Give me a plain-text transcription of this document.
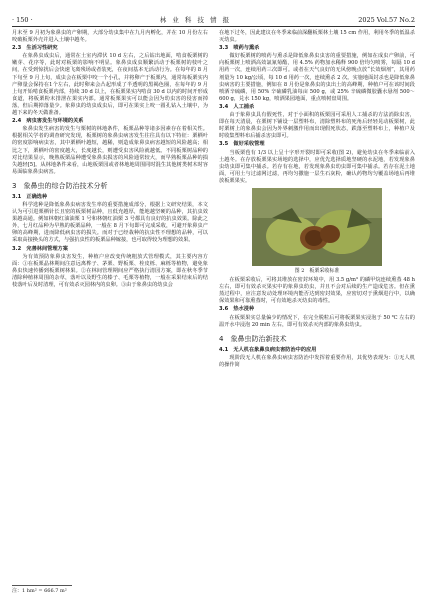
· 150 ·	林 业 科 技 情 报	2025 Vol.57 No.2

月末至 9 月初为象鼻虫的产卵期，大部分幼虫集中在九月内孵化，并在 10 月份左右咬破板栗外壳并进入土壤中越冬。

2.3　生活习性研究

在象鼻虫成虫后，通常在土室内滞伏 10 d 左右，之后钻出地面，啃食板栗树的嫩芽、花序等，此时对板栗的影响不明显。象鼻虫成虫顺繁活动于板栗树的枝叶之间，在受到惊扰后会快速飞离残场或者装死，在夜间基本无活动行为。在每年的 8 月下旬至 9 月上旬，成虫会在板栗中咬一个小孔，并将卵产于板栗内，通常每板栗实内产卵量会保持在1个左右，此时卵来会凸起形成了半透明的黑褐色圈，在每年的 9 月上旬开始啃食板栗内部，持续 30 d 以上，在板栗果实内啃食 30 d 以内的时间开形成食道，将板栗粉末排泄在果实内部。通常板栗果实可以能会因为幼虫害的侵害而掉落，但后期掉落量少。象鼻虫的幼虫成虫后，即可在果实上咬一圆孔钻入土壤中，为越下来的冬天做准备。

2.4　病虫害发生与环境的关系

象鼻虫发生病害的发生与栗树的林地条件，板栗品种等诸多因素存在着相关性。根据相关学者的调查研究发现，板栗树的象鼻虫病害发生往往具有以下特征：栗栖叶的密度影响病虫害，其中栗栖叶越短，越稀，则造成象鼻虫病害越短的风险越高；相比之下，栗栖叶的密度越大，长度越长，则遭受虫害风险就越低。不同板栗树品种的对比结果显示，晚熟板栗品种遭受象鼻虫损害的风险通常较大，而早熟板栗品种的损失越轻[5]。从林地条件来看，山地板栗园或者林地地周围同时混生其他树类树木时容易面临象鼻虫病害。

3　象鼻虫的综合防治技术分析
3.1　正确选种

科学选种是降低象鼻虫病害发生率的重要措施成部分，根据上文研究结果，本文认为可引进栗栖针长且密的板栗树品种，且低充越厚，能地越坚硬的品种，其抗虫效果越高通。例如林朝红油油栗 1 号和林朝红油栗 3 号都具有良好的抗虫效果。除此之外，七月红品种为早熟的板栗品种，一般在 8 月下旬即可完成采收，可避开象鼻虫产卵的高峰期，进而降低病虫害的损失。而对于已经栽种的抗虫性不理想的品种，可以采取高接换头的方式，与强抗虫性的板栗品种嫁接，也可取得较为理想的效果。

3.2　完善林间管理方案

为有效预防象鼻虫害发生，种植户应改变传统粗放式管理模式，其主要内容方面：①在板栗晶林期间注意远离桦子、茅栗、野板栗、栓皮栎、麻栎等植物，避免象鼻虫快速传播到板栗树林果。②在林间管理期间应严格执行清园方案，即在秋冬季节清除种植林周围的杂草，落叶以及野生的榛子、毛栗等植物，一般在采果结束后的结枝落叶后及时清理，可有效杀灭园林内的虫卵。③由于象鼻虫的幼虫会

在地下过冬，因此建议在冬季来临前深翻板栗林土壤 15 cm 作用，利用冬季的低温杀灭幼虫。

3.3　喷药与熏杀

做好板栗树的喷药与熏杀是降低象鼻虫虫害的重要措施，例如在成虫产卵前，可向板栗树上喷洒高效氯氰菊酯，用 4.5% 药物加水稀释 900 倍均匀喷雾，每隔 10 d 用药一次，连续用药三次即可。或者在天气良好的无风傍晚点放“长效烟剂”，其用药剂量为 10 kg/公顷，每 10 d 用药一次，连续熏杀 2 次。实施地面封杀也是降低象鼻虫病害的主要措施，例如在 8 月份是象鼻虫的虫出土的高峰期，种植户可在该时间段喷洒辛硫磷，用 50% 辛硫磷乳油每亩 500 g，或 25% 辛硫磷微胶囊水悬剂 500～600 g，兑水 150 kg，喷洒果园地面，重点喷树盘周围。

3.4　人工捕杀

由于象鼻虫具有假死性，对于小面积的板栗园可采用人工捕杀的方法消除虫害，即在每天清晨，在栗树下铺设一层塑料布，清除塑料布的死角后轻轻晃动板栗树，此时栗树上的象鼻虫会因为外界刺激作用而出现假死状态，跌落至塑料布上，种植户及时收集塑料布后捕杀害虫即可。

3.5　做好采收管理

当板栗苞有 1/3 以上呈十字形开裂时即可采收(图 2)，避免幼虫在冬季来临前入土越冬。在存放板栗果实场地的选择中，应优先选择质地坚硬的水泥地，若发现象鼻虫幼虫即可集中捕杀。若存有在地，若发现象鼻虫幼虫即可集中捕杀。若存在泥土地面，可用土与过滤网过滤，再均匀撒施一层生石灰粉，确认药物均匀覆盖场地后再堆放板栗果实。

图 2　板栗采收标准

在板栗采收后，可将其堆放在密封环境中，用 3.5 g/m³ 的磷甲烷连续熏蒸 48 h 左右，即可有效杀灭果实中的象鼻虫幼虫，并且不会对后续的生产造成危害。但在熏蒸过程中，应注意发动处理环境内能否达到密封效果，应密切对于熏烟进行中，以确保效果和可靠熏蒸时，可有效地杀灭幼虫的毒性。

3.6　热水浸种

在板栗果实总量偏少的情况下，在完全脱粒后可将板栗果实浸泡于 50 ℃ 左右的温开水中浸泡 20 min 左右，即可有效杀灭内部的象鼻虫幼虫。

4　象鼻虫防治新技术
4.1　无人机在象鼻虫病虫害防治中的应用

现阶段无人机在象鼻虫病虫害防治中发挥着重要作用，其优势表现为：①无人机的操作简

注：1 hm² = 666.7 m²
